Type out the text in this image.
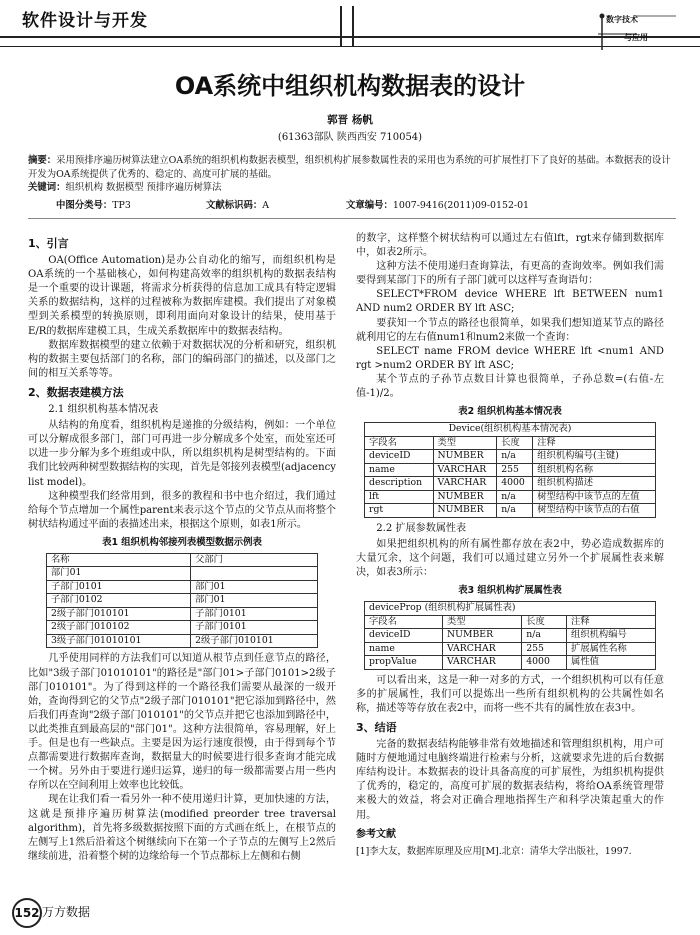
软件设计与开发	数字技术
与应用
OA系统中组织机构数据表的设计
郭晋 杨帆
(61363部队 陕西西安 710054)
摘要：采用预排序遍历树算法建立OA系统的组织机构数据表模型，组织机构扩展参数属性表的采用也为系统的可扩展性打下了良好的基础。本数据表的设计开发为OA系统提供了优秀的、稳定的、高度可扩展的基础。
关键词：组织机构 数据模型 预排序遍历树算法
中图分类号：TP3	文献标识码：A	文章编号：1007-9416(2011)09-0152-01
1、引言

OA(Office Automation)是办公自动化的缩写，而组织机构是OA系统的一个基础核心，如何构建高效率的组织机构的数据表结构是一个重要的设计课题，将需求分析获得的信息加工成具有特定逻辑关系的数据结构，这样的过程被称为数据库建模。我们提出了对象模型到关系模型的转换原则，即利用面向对象设计的结果，使用基于E/R的数据库建模工具，生成关系数据库中的数据表结构。

数据库数据模型的建立依赖于对数据状况的分析和研究，组织机构的数据主要包括部门的名称，部门的编码部门的描述，以及部门之间的相互关系等等。

2、数据表建模方法
2.1 组织机构基本情况表

从结构的角度看，组织机构是递推的分级结构，例如：一个单位可以分解成很多部门，部门可再进一步分解成多个处室，而处室还可以进一步分解为多个班组或中队，所以组织机构是树型结构的。下面我们比较两种树型数据结构的实现，首先是邻接列表模型(adjacency list model)。

这种模型我们经常用到，很多的教程和书中也介绍过，我们通过给每个节点增加一个属性parent来表示这个节点的父节点从而将整个树状结构通过平面的表描述出来，根据这个原则，如表1所示。

表1 组织机构邻接列表模型数据示例表
名称	父部门
部门01	
子部门0101	部门01
子部门0102	部门01
2级子部门010101	子部门0101
2级子部门010102	子部门0101
3级子部门01010101	2级子部门010101

几乎使用同样的方法我们可以知道从根节点到任意节点的路径，比如"3级子部门01010101"的路径是"部门01>子部门0101>2级子部门010101"。为了得到这样的一个路径我们需要从最深的一级开始，查询得到它的父节点"2级子部门010101"把它添加到路径中，然后我们再查询"2级子部门010101"的父节点并把它也添加到路径中，以此类推直到最高层的"部门01"。这种方法很简单，容易理解，好上手。但是也有一些缺点。主要是因为运行速度很慢，由于得到每个节点都需要进行数据库查询，数据量大的时候要进行很多查询才能完成一个树。另外由于要进行递归运算，递归的每一级都需要占用一些内存所以在空间利用上效率也比较低。

现在让我们看一看另外一种不使用递归计算，更加快速的方法，这就是预排序遍历树算法(modified preorder tree traversal algorithm)，首先将多级数据按照下面的方式画在纸上，在根节点的左侧写上1然后沿着这个树继续向下在第一个子节点的左侧写上2然后继续前进，沿着整个树的边缘给每一个节点都标上左侧和右侧

的数字，这样整个树状结构可以通过左右值lft，rgt来存储到数据库中，如表2所示。

这种方法不使用递归查询算法，有更高的查询效率。例如我们需要得到某部门下的所有子部门就可以这样写查询语句：

SELECT*FROM device WHERE lft BETWEEN num1 AND num2 ORDER BY lft ASC;

要获知一个节点的路径也很简单，如果我们想知道某节点的路径就利用它的左右值num1和num2来做一个查询：

SELECT name FROM device WHERE lft <num1 AND rgt >num2 ORDER BY lft ASC;

某个节点的子孙节点数目计算也很简单，子孙总数=(右值-左值-1)/2。

表2 组织机构基本情况表
Device(组织机构基本情况表)			
字段名	类型	长度	注释
deviceID	NUMBER	n/a	组织机构编号(主键)
name	VARCHAR	255	组织机构名称
description	VARCHAR	4000	组织机构描述
lft	NUMBER	n/a	树型结构中该节点的左值
rgt	NUMBER	n/a	树型结构中该节点的右值
2.2 扩展参数属性表

如果把组织机构的所有属性都存放在表2中，势必造成数据库的大量冗余，这个问题，我们可以通过建立另外一个扩展属性表来解决，如表3所示：

表3 组织机构扩展属性表
deviceProp (组织机构扩展属性表)			
字段名	类型	长度	注释
deviceID	NUMBER	n/a	组织机构编号
name	VARCHAR	255	扩展属性名称
propValue	VARCHAR	4000	属性值

可以看出来，这是一种一对多的方式，一个组织机构可以有任意多的扩展属性，我们可以提炼出一些所有组织机构的公共属性如名称，描述等等存放在表2中，而将一些不共有的属性放在表3中。

3、结语

完备的数据表结构能够非常有效地描述和管理组织机构，用户可随时方便地通过电脑终端进行检索与分析，这就要求先进的后台数据库结构设计。本数据表的设计具备高度的可扩展性，为组织机构提供了优秀的，稳定的，高度可扩展的数据表结构，将给OA系统管理带来极大的效益，将会对正确合理地指挥生产和科学决策起重大的作用。

参考文献

[1]李大友，数据库原理及应用[M].北京：清华大学出版社，1997.

152 万方数据
